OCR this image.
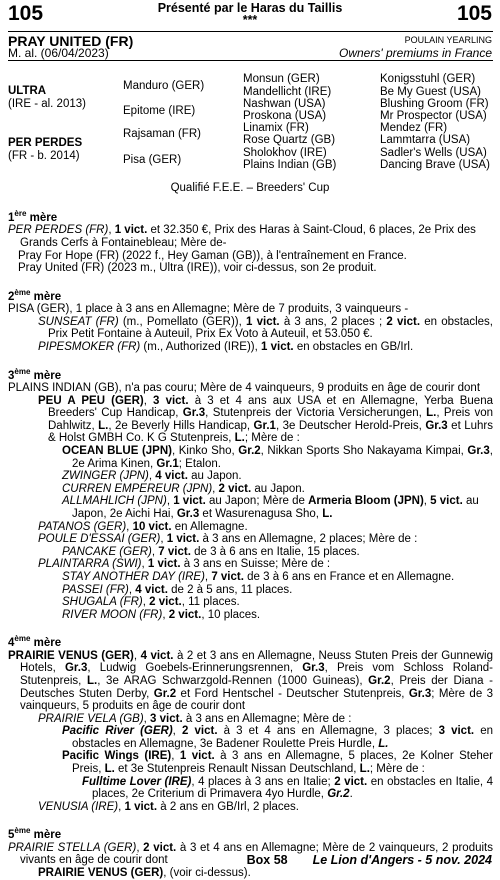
105	Présenté par le Haras du Taillis
***	105
PRAY UNITED (FR)
M. al. (06/04/2023)
POULAIN YEARLING
Owners' premiums in France
ULTRA
(IRE - al. 2013)
PER PERDES
(FR - b. 2014)
Manduro (GER)
Epitome (IRE)
Rajsaman (FR)
Pisa (GER)
Monsun (GER)
Mandellicht (IRE)
Nashwan (USA)
Proskona (USA)
Linamix (FR)
Rose Quartz (GB)
Sholokhov (IRE)
Plains Indian (GB)
Konigsstuhl (GER)
Be My Guest (USA)
Blushing Groom (FR)
Mr Prospector (USA)
Mendez (FR)
Lammtarra (USA)
Sadler's Wells (USA)
Dancing Brave (USA)
Qualifié F.E.E. – Breeders' Cup

1ère mère

PER PERDES (FR), 1 vict. et 32.350 €, Prix des Haras à Saint-Cloud, 6 places, 2e Prix des Grands Cerfs à Fontainebleau; Mère de-

Pray For Hope (FR) (2022 f., Hey Gaman (GB)), à l'entraînement en France.

Pray United (FR) (2023 m., Ultra (IRE)), voir ci-dessus, son 2e produit.

2ème mère

PISA (GER), 1 place à 3 ans en Allemagne; Mère de 7 produits, 3 vainqueurs -

SUNSEAT (FR) (m., Pomellato (GER)), 1 vict. à 3 ans, 2 places ; 2 vict. en obstacles, Prix Petit Fontaine à Auteuil, Prix Ex Voto à Auteuil, et 53.050 €.

PIPESMOKER (FR) (m., Authorized (IRE)), 1 vict. en obstacles en GB/Irl.

3ème mère

PLAINS INDIAN (GB), n'a pas couru; Mère de 4 vainqueurs, 9 produits en âge de courir dont

PEU A PEU (GER), 3 vict. à 3 et 4 ans aux USA et en Allemagne, Yerba Buena Breeders' Cup Handicap, Gr.3, Stutenpreis der Victoria Versicherungen, L., Preis von Dahlwitz, L., 2e Beverly Hills Handicap, Gr.1, 3e Deutscher Herold-Preis, Gr.3 et Luhrs & Holst GMBH Co. K G Stutenpreis, L.; Mère de :

OCEAN BLUE (JPN), Kinko Sho, Gr.2, Nikkan Sports Sho Nakayama Kimpai, Gr.3, 2e Arima Kinen, Gr.1; Etalon.

ZWINGER (JPN), 4 vict. au Japon.

CURREN EMPEREUR (JPN), 2 vict. au Japon.

ALLMAHLICH (JPN), 1 vict. au Japon; Mère de Armeria Bloom (JPN), 5 vict. au Japon, 2e Aichi Hai, Gr.3 et Wasurenagusa Sho, L.

PATANOS (GER), 10 vict. en Allemagne.

POULE D'ESSAI (GER), 1 vict. à 3 ans en Allemagne, 2 places; Mère de :

PANCAKE (GER), 7 vict. de 3 à 6 ans en Italie, 15 places.

PLAINTARRA (SWI), 1 vict. à 3 ans en Suisse; Mère de :

STAY ANOTHER DAY (IRE), 7 vict. de 3 à 6 ans en France et en Allemagne.

PASSEI (FR), 4 vict. de 2 à 5 ans, 11 places.

SHUGALA (FR), 2 vict., 11 places.

RIVER MOON (FR), 2 vict., 10 places.

4ème mère

PRAIRIE VENUS (GER), 4 vict. à 2 et 3 ans en Allemagne, Neuss Stuten Preis der Gunnewig Hotels, Gr.3, Ludwig Goebels-Erinnerungsrennen, Gr.3, Preis vom Schloss Roland-Stutenpreis, L., 3e ARAG Schwarzgold-Rennen (1000 Guineas), Gr.2, Preis der Diana - Deutsches Stuten Derby, Gr.2 et Ford Hentschel - Deutscher Stutenpreis, Gr.3; Mère de 3 vainqueurs, 5 produits en âge de courir dont

PRAIRIE VELA (GB), 3 vict. à 3 ans en Allemagne; Mère de :

Pacific River (GER), 2 vict. à 3 et 4 ans en Allemagne, 3 places; 3 vict. en obstacles en Allemagne, 3e Badener Roulette Preis Hurdle, L.

Pacific Wings (IRE), 1 vict. à 3 ans en Allemagne, 5 places, 2e Kolner Steher Preis, L. et 3e Stutenpreis Renault Nissan Deutschland, L.; Mère de :

Fulltime Lover (IRE), 4 places à 3 ans en Italie; 2 vict. en obstacles en Italie, 4 places, 2e Criterium di Primavera 4yo Hurdle, Gr.2.

VENUSIA (IRE), 1 vict. à 2 ans en GB/Irl, 2 places.

5ème mère

PRAIRIE STELLA (GER), 2 vict. à 3 et 4 ans en Allemagne; Mère de 2 vainqueurs, 2 produits vivants en âge de courir dont

PRAIRIE VENUS (GER), (voir ci-dessus).

Box 58 Le Lion d'Angers - 5 nov. 2024
